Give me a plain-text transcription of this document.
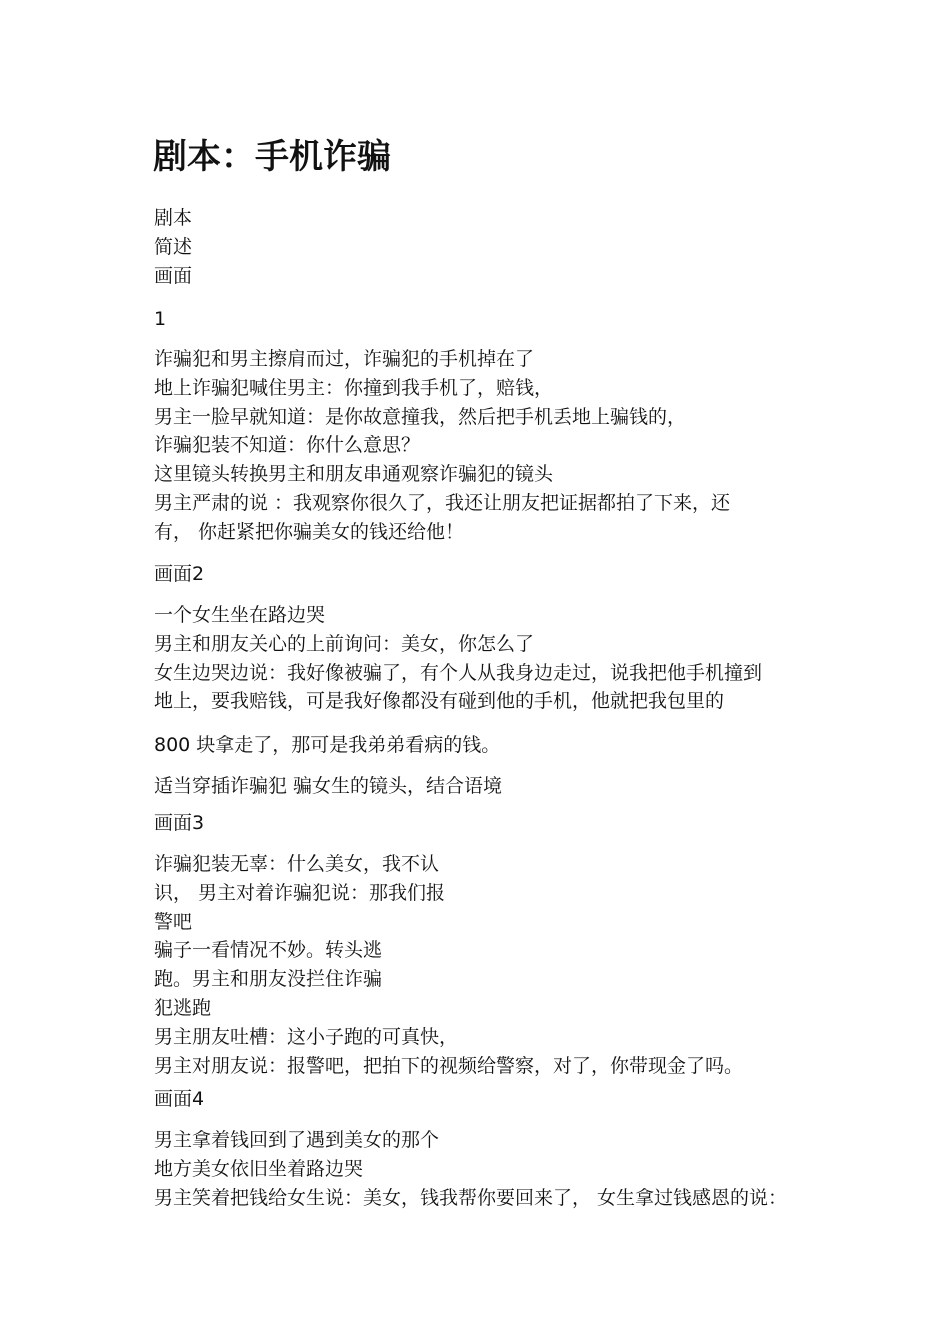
剧本：手机诈骗
剧本
简述
画面
1
诈骗犯和男主擦肩而过，诈骗犯的手机掉在了
地上诈骗犯喊住男主：你撞到我手机了，赔钱，
男主一脸早就知道：是你故意撞我，然后把手机丢地上骗钱的，
诈骗犯装不知道：你什么意思？
这里镜头转换男主和朋友串通观察诈骗犯的镜头
男主严肃的说 ：我观察你很久了，我还让朋友把证据都拍了下来，还
有， 你赶紧把你骗美女的钱还给他！
画面2
一个女生坐在路边哭
男主和朋友关心的上前询问：美女，你怎么了
女生边哭边说：我好像被骗了，有个人从我身边走过，说我把他手机撞到
地上，要我赔钱，可是我好像都没有碰到他的手机，他就把我包里的
800 块拿走了，那可是我弟弟看病的钱。
适当穿插诈骗犯 骗女生的镜头，结合语境
画面3
诈骗犯装无辜：什么美女，我不认
识， 男主对着诈骗犯说：那我们报
警吧
骗子一看情况不妙。转头逃
跑。男主和朋友没拦住诈骗
犯逃跑
男主朋友吐槽：这小子跑的可真快，
男主对朋友说：报警吧，把拍下的视频给警察，对了，你带现金了吗。
画面4
男主拿着钱回到了遇到美女的那个
地方美女依旧坐着路边哭
男主笑着把钱给女生说：美女，钱我帮你要回来了， 女生拿过钱感恩的说：
